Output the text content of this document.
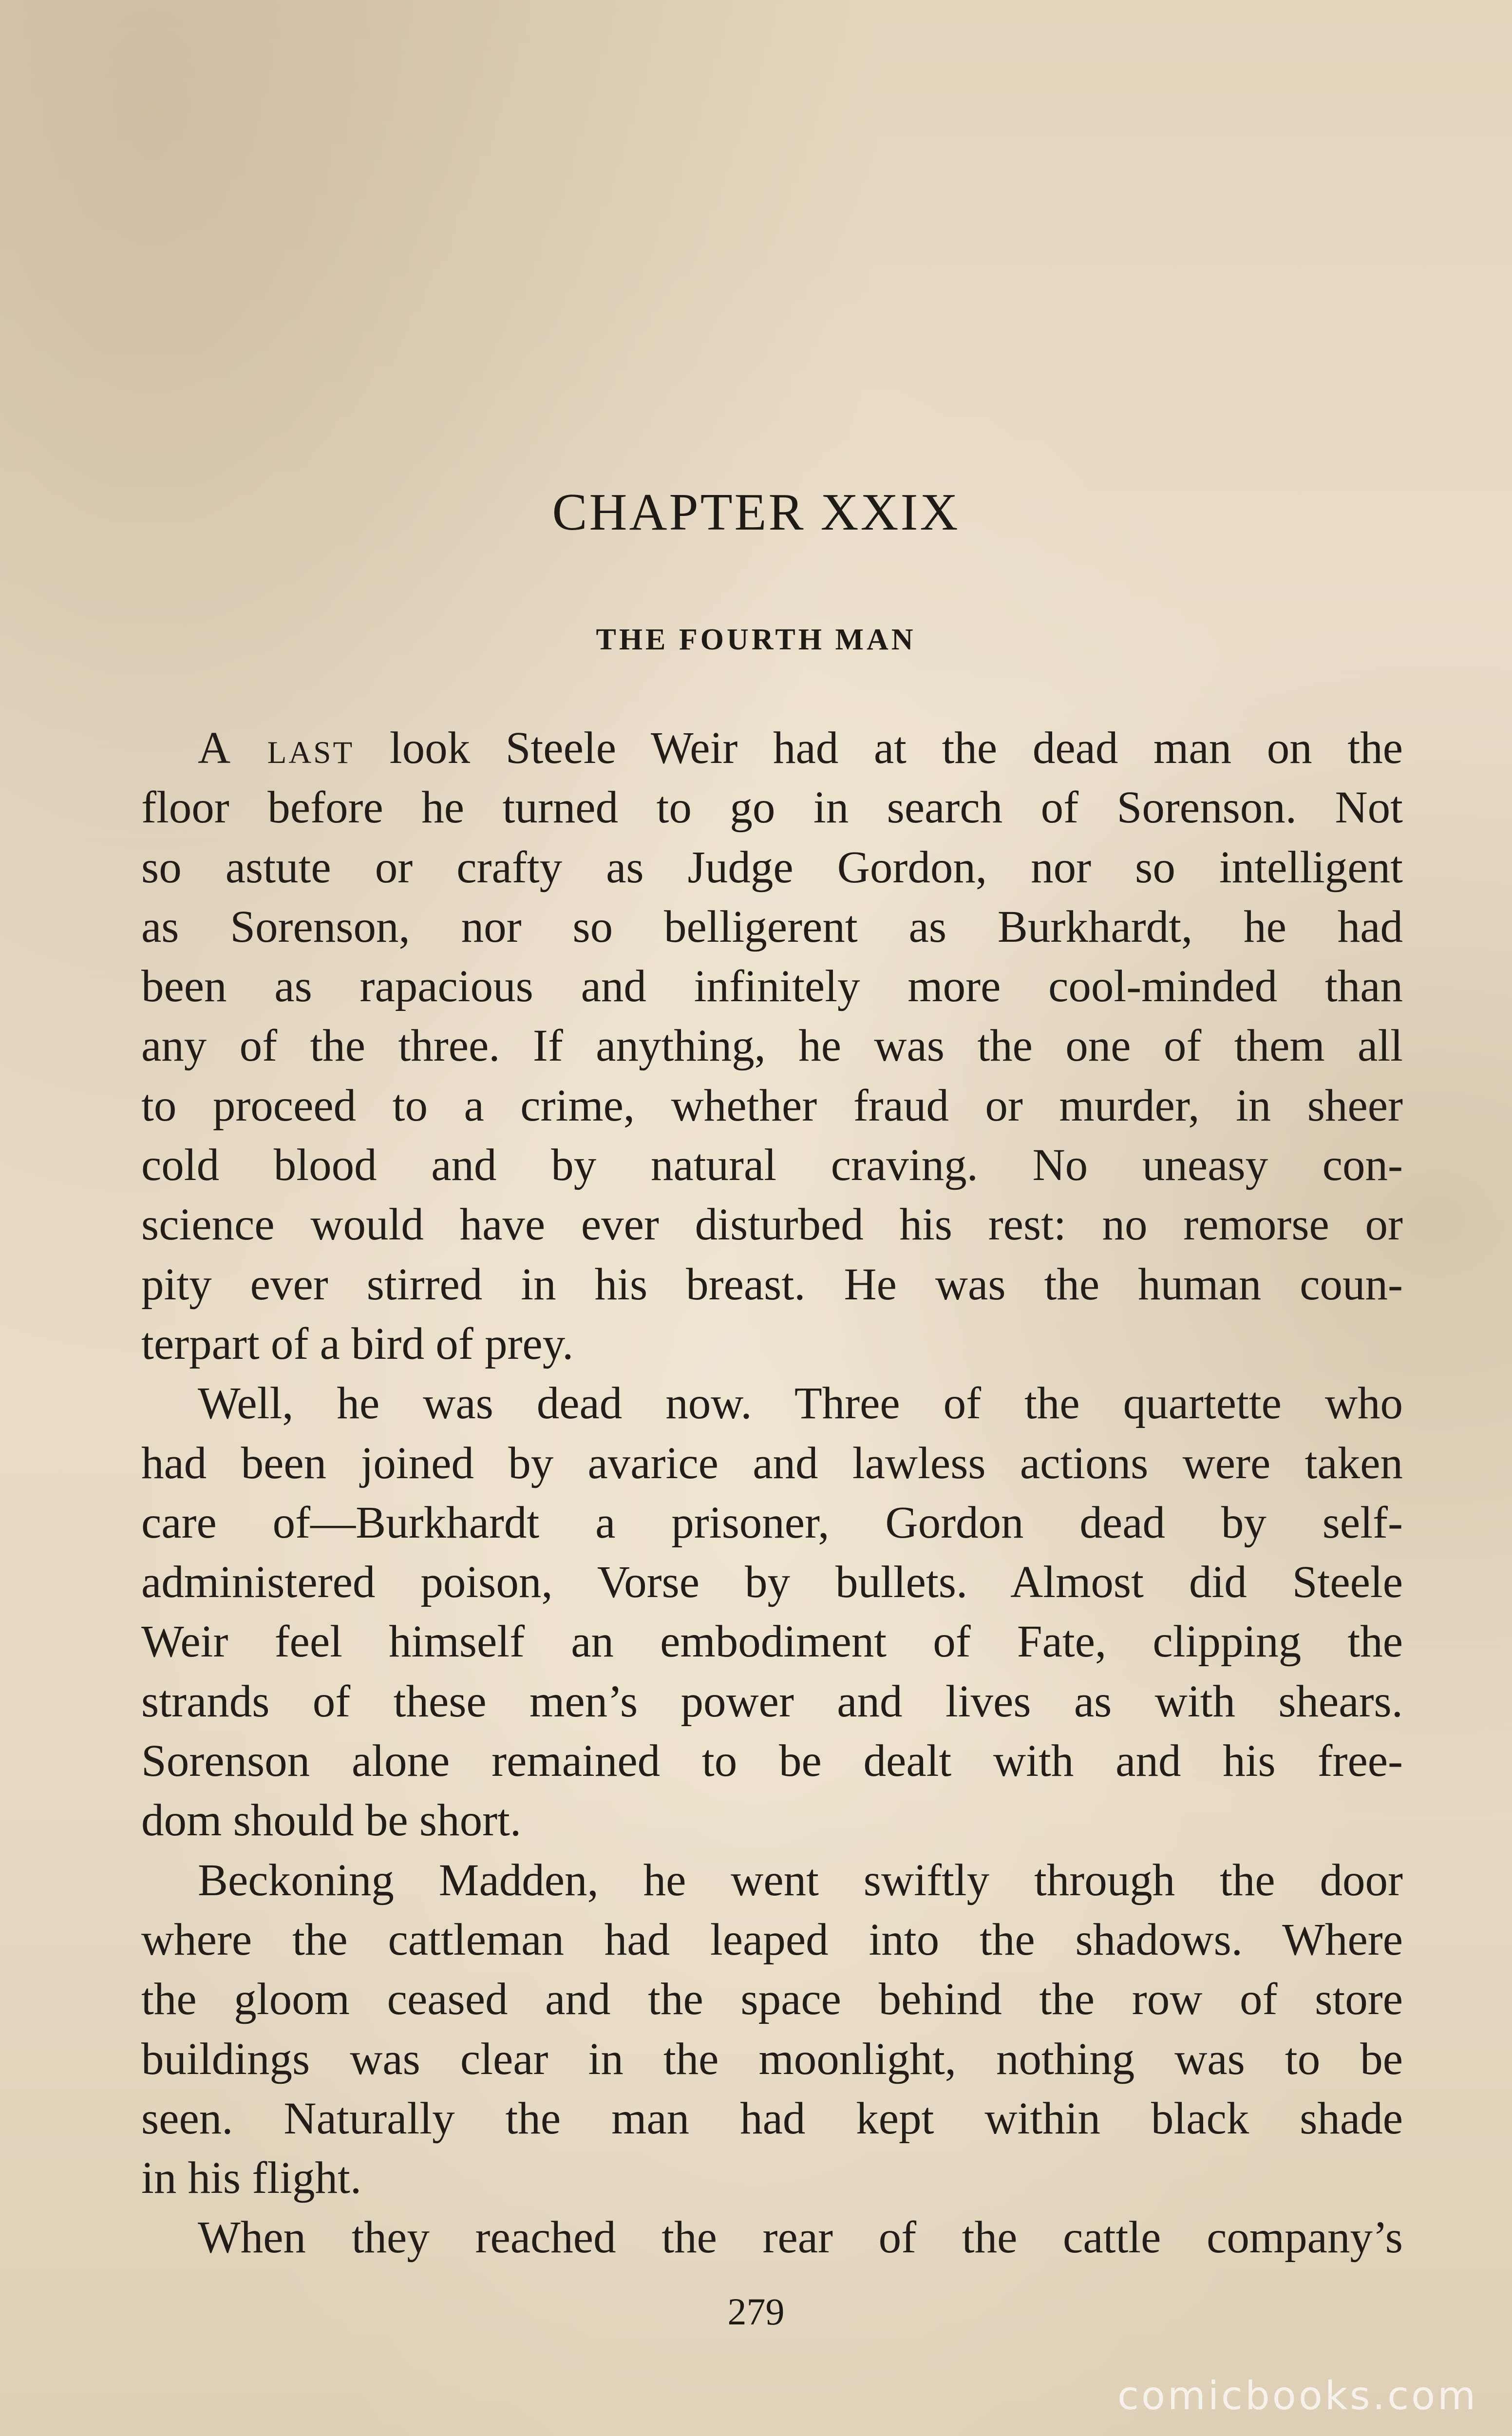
CHAPTER XXIX
THE FOURTH MAN
A last look Steele Weir had at the dead man on the
floor before he turned to go in search of Sorenson. Not
so astute or crafty as Judge Gordon, nor so intelligent
as Sorenson, nor so belligerent as Burkhardt, he had
been as rapacious and infinitely more cool-minded than
any of the three. If anything, he was the one of them all
to proceed to a crime, whether fraud or murder, in sheer
cold blood and by natural craving. No uneasy con-
science would have ever disturbed his rest: no remorse or
pity ever stirred in his breast. He was the human coun-
terpart of a bird of prey.
Well, he was dead now. Three of the quartette who
had been joined by avarice and lawless actions were taken
care of—Burkhardt a prisoner, Gordon dead by self-
administered poison, Vorse by bullets. Almost did Steele
Weir feel himself an embodiment of Fate, clipping the
strands of these men’s power and lives as with shears.
Sorenson alone remained to be dealt with and his free-
dom should be short.
Beckoning Madden, he went swiftly through the door
where the cattleman had leaped into the shadows. Where
the gloom ceased and the space behind the row of store
buildings was clear in the moonlight, nothing was to be
seen. Naturally the man had kept within black shade
in his flight.
When they reached the rear of the cattle company’s
279
comicbooks.com
